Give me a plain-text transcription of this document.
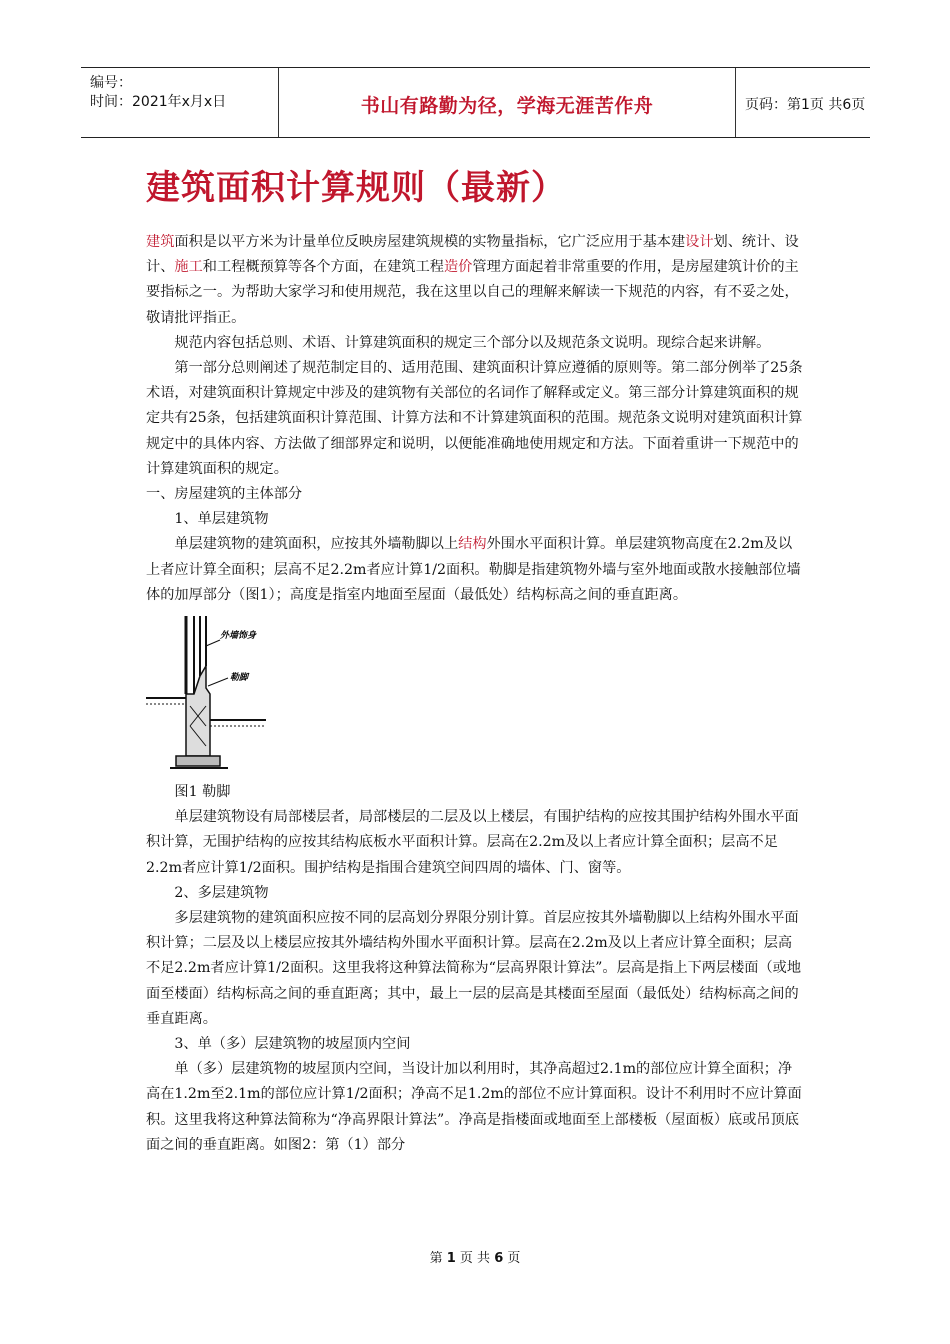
编号：
时间：2021年x月x日	书山有路勤为径，学海无涯苦作舟	页码：第1页 共6页
建筑面积计算规则（最新）

建筑面积是以平方米为计量单位反映房屋建筑规模的实物量指标，它广泛应用于基本建设计划、统计、设计、施工和工程概预算等各个方面，在建筑工程造价管理方面起着非常重要的作用，是房屋建筑计价的主要指标之一。为帮助大家学习和使用规范，我在这里以自己的理解来解读一下规范的内容，有不妥之处，敬请批评指正。

规范内容包括总则、术语、计算建筑面积的规定三个部分以及规范条文说明。现综合起来讲解。

第一部分总则阐述了规范制定目的、适用范围、建筑面积计算应遵循的原则等。第二部分例举了25条术语，对建筑面积计算规定中涉及的建筑物有关部位的名词作了解释或定义。第三部分计算建筑面积的规定共有25条，包括建筑面积计算范围、计算方法和不计算建筑面积的范围。规范条文说明对建筑面积计算规定中的具体内容、方法做了细部界定和说明，以便能准确地使用规定和方法。下面着重讲一下规范中的计算建筑面积的规定。

一、房屋建筑的主体部分

1、单层建筑物

单层建筑物的建筑面积，应按其外墙勒脚以上结构外围水平面积计算。单层建筑物高度在2.2m及以上者应计算全面积；层高不足2.2m者应计算1/2面积。勒脚是指建筑物外墙与室外地面或散水接触部位墙体的加厚部分（图1）；高度是指室内地面至屋面（最低处）结构标高之间的垂直距离。

外墙饰身
勒脚

图1 勒脚

单层建筑物设有局部楼层者，局部楼层的二层及以上楼层，有围护结构的应按其围护结构外围水平面积计算，无围护结构的应按其结构底板水平面积计算。层高在2.2m及以上者应计算全面积；层高不足2.2m者应计算1/2面积。围护结构是指围合建筑空间四周的墙体、门、窗等。

2、多层建筑物

多层建筑物的建筑面积应按不同的层高划分界限分别计算。首层应按其外墙勒脚以上结构外围水平面积计算；二层及以上楼层应按其外墙结构外围水平面积计算。层高在2.2m及以上者应计算全面积；层高不足2.2m者应计算1/2面积。这里我将这种算法简称为“层高界限计算法”。层高是指上下两层楼面（或地面至楼面）结构标高之间的垂直距离；其中，最上一层的层高是其楼面至屋面（最低处）结构标高之间的垂直距离。

3、单（多）层建筑物的坡屋顶内空间

单（多）层建筑物的坡屋顶内空间，当设计加以利用时，其净高超过2.1m的部位应计算全面积；净高在1.2m至2.1m的部位应计算1/2面积；净高不足1.2m的部位不应计算面积。设计不利用时不应计算面积。这里我将这种算法简称为“净高界限计算法”。净高是指楼面或地面至上部楼板（屋面板）底或吊顶底面之间的垂直距离。如图2：第（1）部分

第 1 页 共 6 页
